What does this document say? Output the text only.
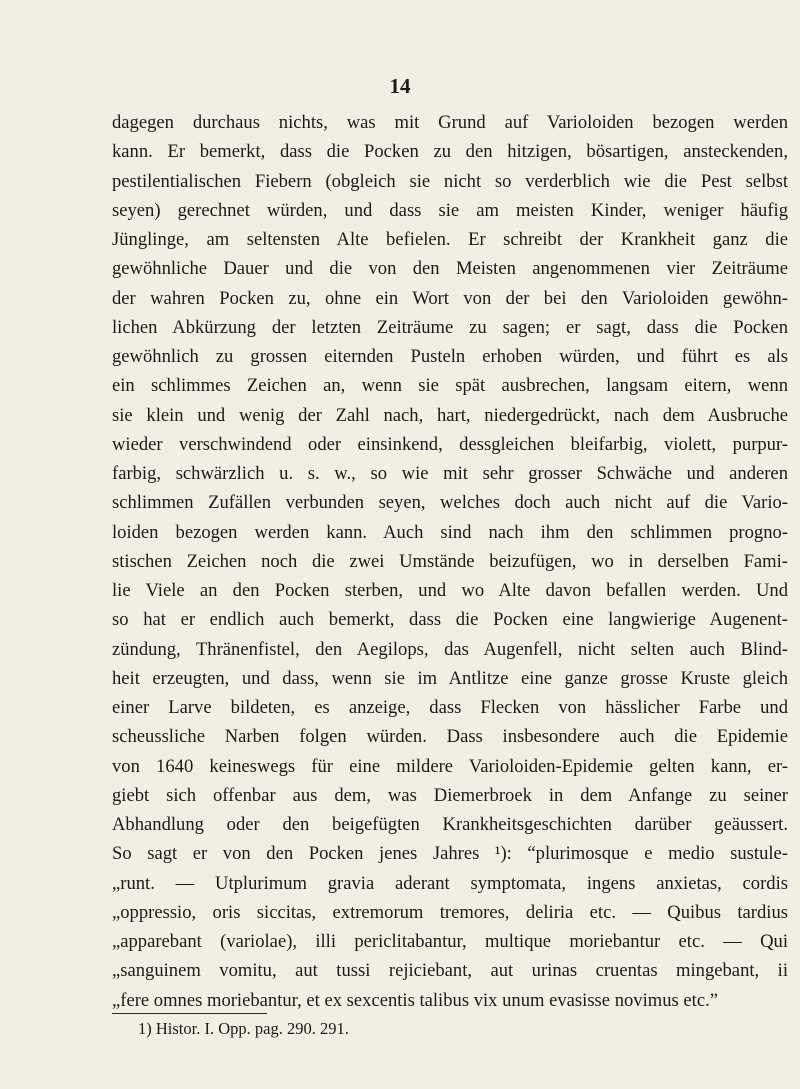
14
dagegen durchaus nichts, was mit Grund auf Varioloiden bezogen werden
kann. Er bemerkt, dass die Pocken zu den hitzigen, bösartigen, ansteckenden,
pestilentialischen Fiebern (obgleich sie nicht so verderblich wie die Pest selbst
seyen) gerechnet würden, und dass sie am meisten Kinder, weniger häufig
Jünglinge, am seltensten Alte befielen. Er schreibt der Krankheit ganz die
gewöhnliche Dauer und die von den Meisten angenommenen vier Zeiträume
der wahren Pocken zu, ohne ein Wort von der bei den Varioloiden gewöhn-
lichen Abkürzung der letzten Zeiträume zu sagen; er sagt, dass die Pocken
gewöhnlich zu grossen eiternden Pusteln erhoben würden, und führt es als
ein schlimmes Zeichen an, wenn sie spät ausbrechen, langsam eitern, wenn
sie klein und wenig der Zahl nach, hart, niedergedrückt, nach dem Ausbruche
wieder verschwindend oder einsinkend, dessgleichen bleifarbig, violett, purpur-
farbig, schwärzlich u. s. w., so wie mit sehr grosser Schwäche und anderen
schlimmen Zufällen verbunden seyen, welches doch auch nicht auf die Vario-
loiden bezogen werden kann. Auch sind nach ihm den schlimmen progno-
stischen Zeichen noch die zwei Umstände beizufügen, wo in derselben Fami-
lie Viele an den Pocken sterben, und wo Alte davon befallen werden. Und
so hat er endlich auch bemerkt, dass die Pocken eine langwierige Augenent-
zündung, Thränenfistel, den Aegilops, das Augenfell, nicht selten auch Blind-
heit erzeugten, und dass, wenn sie im Antlitze eine ganze grosse Kruste gleich
einer Larve bildeten, es anzeige, dass Flecken von hässlicher Farbe und
scheussliche Narben folgen würden. Dass insbesondere auch die Epidemie
von 1640 keineswegs für eine mildere Varioloiden-Epidemie gelten kann, er-
giebt sich offenbar aus dem, was Diemerbroek in dem Anfange zu seiner
Abhandlung oder den beigefügten Krankheitsgeschichten darüber geäussert.
So sagt er von den Pocken jenes Jahres ¹): “plurimosque e medio sustule-
„runt. — Utplurimum gravia aderant symptomata, ingens anxietas, cordis
„oppressio, oris siccitas, extremorum tremores, deliria etc. — Quibus tardius
„apparebant (variolae), illi periclitabantur, multique moriebantur etc. — Qui
„sanguinem vomitu, aut tussi rejiciebant, aut urinas cruentas mingebant, ii
„fere omnes moriebantur, et ex sexcentis talibus vix unum evasisse novimus etc.”
1) Histor. I. Opp. pag. 290. 291.
